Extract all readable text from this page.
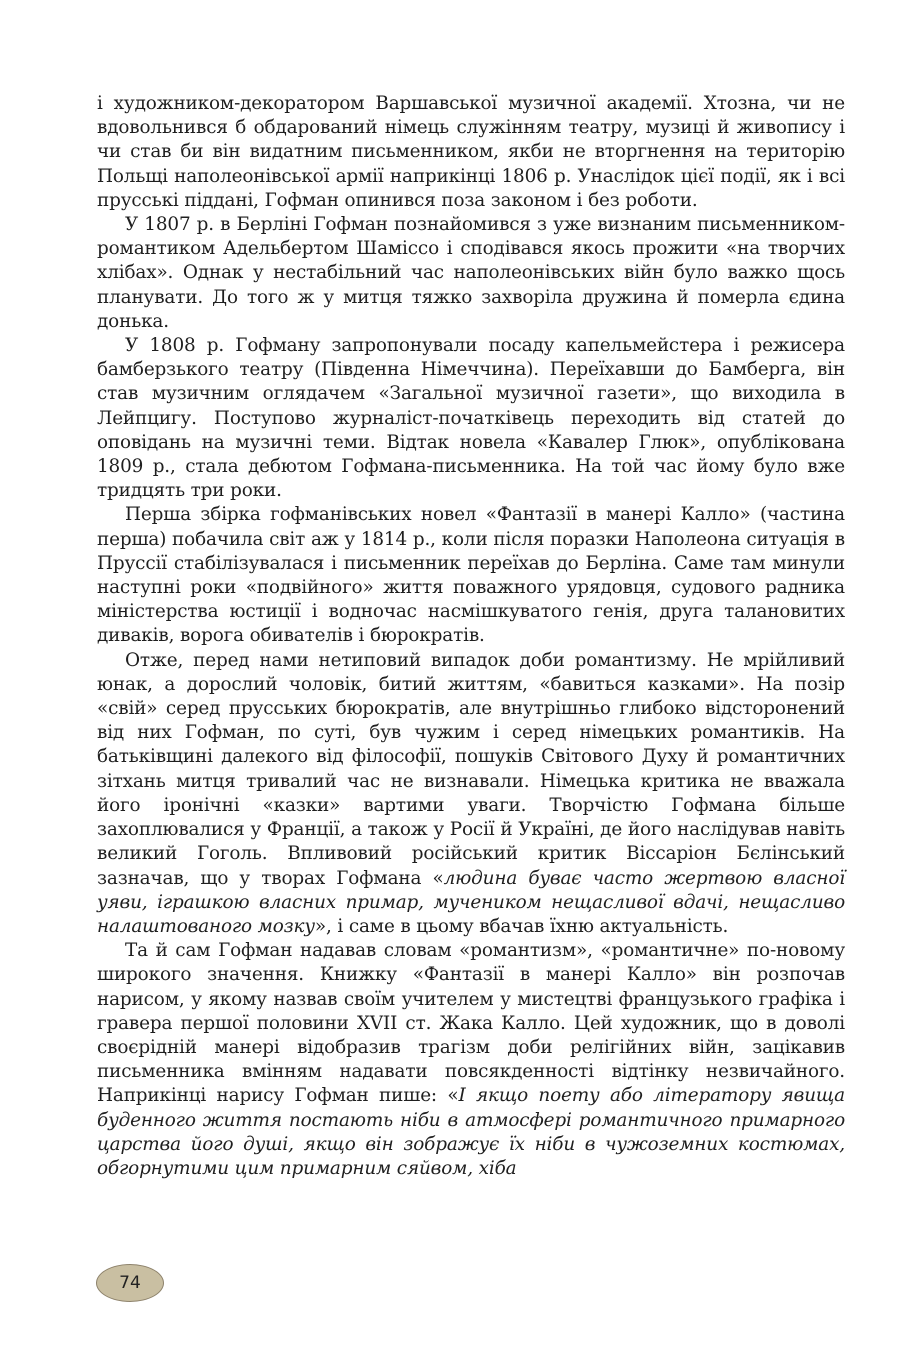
і художником-декоратором Варшавської музичної академії. Хтозна, чи не вдовольнився б обдарований німець служінням театру, музиці й живопису і чи став би він видатним письменником, якби не вторгнення на територію Польщі наполеонівської армії наприкінці 1806 р. Унаслідок цієї події, як і всі прусські піддані, Гофман опинився поза законом і без роботи.

У 1807 р. в Берліні Гофман познайомився з уже визнаним письменником-романтиком Адельбертом Шаміссо і сподівався якось прожити «на творчих хлібах». Однак у нестабільний час наполеонівських війн було важко щось планувати. До того ж у митця тяжко захворіла дружина й померла єдина донька.

У 1808 р. Гофману запропонували посаду капельмейстера і режисера бамберзького театру (Південна Німеччина). Переїхавши до Бамберга, він став музичним оглядачем «Загальної музичної газети», що виходила в Лейпцигу. Поступово журналіст-початківець переходить від статей до оповідань на музичні теми. Відтак новела «Кавалер Глюк», опублікована 1809 р., стала дебютом Гофмана-письменника. На той час йому було вже тридцять три роки.

Перша збірка гофманівських новел «Фантазії в манері Калло» (частина перша) побачила світ аж у 1814 р., коли після поразки Наполеона ситуація в Пруссії стабілізувалася і письменник переїхав до Берліна. Саме там минули наступні роки «подвійного» життя поважного урядовця, судового радника міністерства юстиції і водночас насмішкуватого генія, друга талановитих диваків, ворога обивателів і бюрократів.

Отже, перед нами нетиповий випадок доби романтизму. Не мрійливий юнак, а дорослий чоловік, битий життям, «бавиться казками». На позір «свій» серед прусських бюрократів, але внутрішньо глибоко відсторонений від них Гофман, по суті, був чужим і серед німецьких романтиків. На батьківщині далекого від філософії, пошуків Світового Духу й романтичних зітхань митця тривалий час не визнавали. Німецька критика не вважала його іронічні «казки» вартими уваги. Творчістю Гофмана більше захоплювалися у Франції, а також у Росії й Україні, де його наслідував навіть великий Гоголь. Впливовий російський критик Віссаріон Бєлінський зазначав, що у творах Гофмана «людина буває часто жертвою власної уяви, іграшкою власних примар, мучеником нещасливої вдачі, нещасливо налаштованого мозку», і саме в цьому вбачав їхню актуальність.

Та й сам Гофман надавав словам «романтизм», «романтичне» по-новому широкого значення. Книжку «Фантазії в манері Калло» він розпочав нарисом, у якому назвав своїм учителем у мистецтві французького графіка і гравера першої половини XVII ст. Жака Калло. Цей художник, що в доволі своєрідній манері відобразив трагізм доби релігійних війн, зацікавив письменника вмінням надавати повсякденності відтінку незвичайного. Наприкінці нарису Гофман пише: «І якщо поету або літератору явища буденного життя постають ніби в атмосфері романтичного примарного царства його душі, якщо він зображує їх ніби в чужоземних костюмах, обгорнутими цим примарним сяйвом, хіба

74
